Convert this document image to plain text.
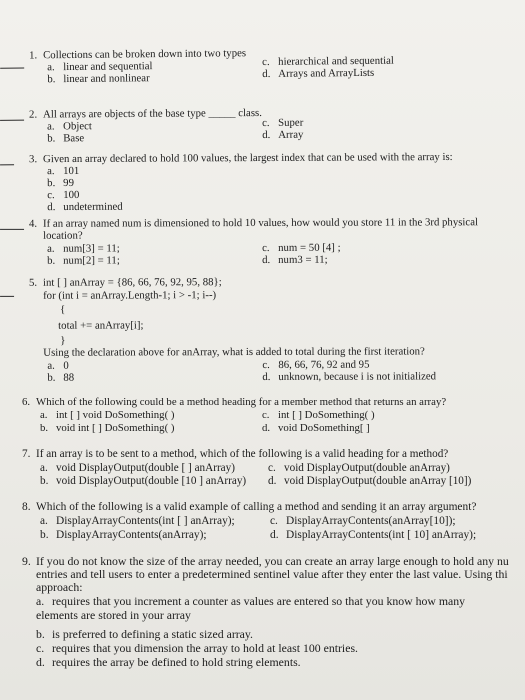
1. Collections can be broken down into two types
a. linear and sequential
b. linear and nonlinear
c. hierarchical and sequential
d. Arrays and ArrayLists
2. All arrays are objects of the base type _____ class.
a. Object
b. Base
c. Super
d. Array
3. Given an array declared to hold 100 values, the largest index that can be used with the array is:
a. 101
b. 99
c. 100
d. undetermined
4. If an array named num is dimensioned to hold 10 values, how would you store 11 in the 3rd physical
location?
a. num[3] = 11;
b. num[2] = 11;
c. num = 50 [4] ;
d. num3 = 11;
5. int [ ] anArray = {86, 66, 76, 92, 95, 88};
for (int i = anArray.Length-1; i > -1; i--)
{
total += anArray[i];
}
Using the declaration above for anArray, what is added to total during the first iteration?
a. 0
b. 88
c. 86, 66, 76, 92 and 95
d. unknown, because i is not initialized
6. Which of the following could be a method heading for a member method that returns an array?
a. int [ ] void DoSomething( )
b. void int [ ] DoSomething( )
c. int [ ] DoSomething( )
d. void DoSomething[ ]
7. If an array is to be sent to a method, which of the following is a valid heading for a method?
a. void DisplayOutput(double [ ] anArray)
b. void DisplayOutput(double [10 ] anArray)
c. void DisplayOutput(double anArray)
d. void DisplayOutput(double anArray [10])
8. Which of the following is a valid example of calling a method and sending it an array argument?
a. DisplayArrayContents(int [ ] anArray);
b. DisplayArrayContents(anArray);
c. DisplayArrayContents(anArray[10]);
d. DisplayArrayContents(int [ 10] anArray);
9. If you do not know the size of the array needed, you can create an array large enough to hold any nu
entries and tell users to enter a predetermined sentinel value after they enter the last value. Using thi
approach:
a. requires that you increment a counter as values are entered so that you know how many elements are stored in your array
b. is preferred to defining a static sized array.
c. requires that you dimension the array to hold at least 100 entries.
d. requires the array be defined to hold string elements.
